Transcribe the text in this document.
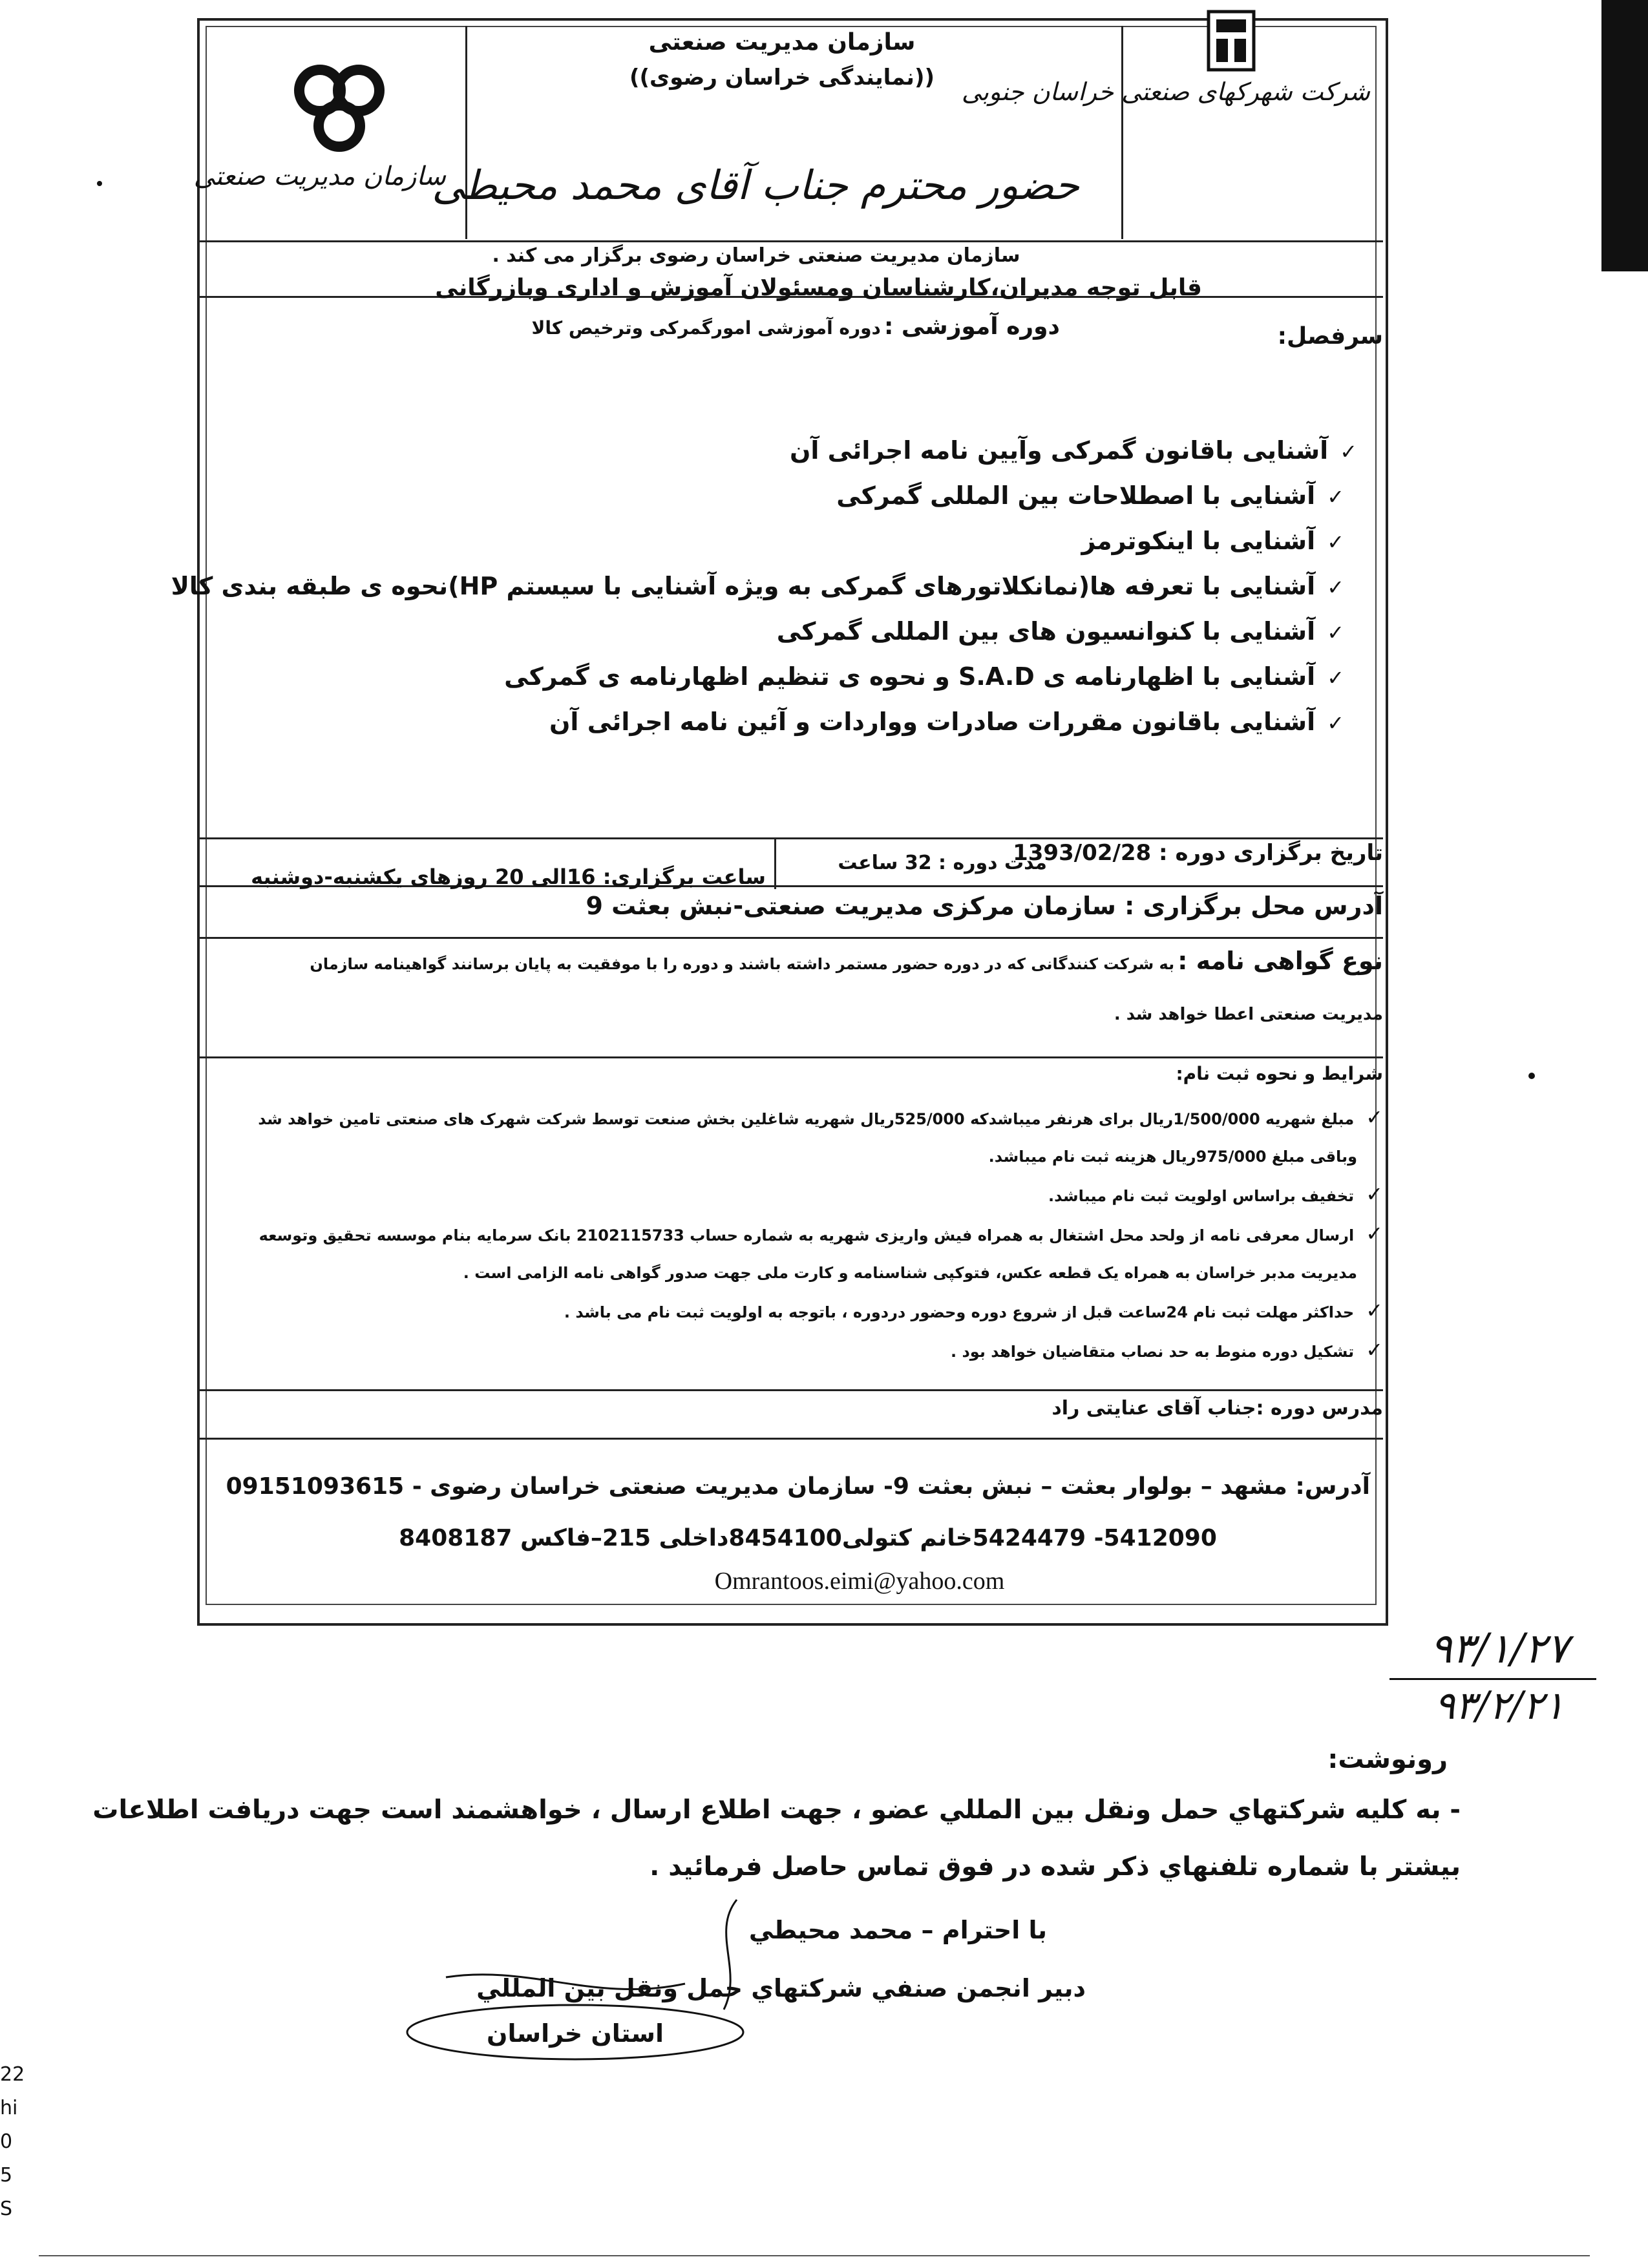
سازمان مدیریت صنعتی
سازمان مدیریت صنعتی
((نمایندگی خراسان رضوی))
حضور محترم جناب آقای محمد محیطی
شرکت شهرکهای صنعتی خراسان جنوبی
سازمان مدیریت صنعتی خراسان رضوی برگزار می کند .
قابل توجه مدیران،کارشناسان ومسئولان آموزش و اداری وبازرگانی
دوره آموزشی : دوره آموزشی امورگمرکی وترخیص کالا	سرفصل:
✓آشنایی باقانون گمرکی وآیین نامه اجرائی آن
✓آشنایی با اصطلاحات بین المللی گمرکی
✓آشنایی با اینکوترمز
✓آشنایی با تعرفه ها(نمانکلاتورهای گمرکی به ویژه آشنایی با سیستم HP)نحوه ی طبقه بندی کالا
✓آشنایی با کنوانسیون های بین المللی گمرکی
✓آشنایی با اظهارنامه ی S.A.D و نحوه ی تنظیم اظهارنامه ی گمرکی
✓آشنایی باقانون مقررات صادرات وواردات و آئین نامه اجرائی آن
تاریخ برگزاری دوره : 1393/02/28
مدت دوره : 32 ساعت
ساعت برگزاری: 16الی 20 روزهای یکشنبه-دوشنبه
آدرس محل برگزاری : سازمان مرکزی مدیریت صنعتی-نبش بعثت 9
نوع گواهی نامه : به شرکت کنندگانی که در دوره حضور مستمر داشته باشند و دوره را با موفقیت به پایان برسانند گواهینامه سازمان
مدیریت صنعتی اعطا خواهد شد .
شرایط و نحوه ثبت نام:
✓مبلغ شهریه 1/500/000ریال برای هرنفر میباشدکه 525/000ریال شهریه شاغلین بخش صنعت توسط شرکت شهرک های صنعتی تامین خواهد شد
وباقی مبلغ 975/000ریال هزینه ثبت نام میباشد.
✓تخفیف براساس اولویت ثبت نام میباشد.
✓ارسال معرفی نامه از ولحد محل اشتغال به همراه فیش واریزی شهریه به شماره حساب 2102115733 بانک سرمایه بنام موسسه تحقیق وتوسعه
مدیریت مدبر خراسان به همراه یک قطعه عکس، فتوکپی شناسنامه و کارت ملی جهت صدور گواهی نامه الزامی است .
✓حداکثر مهلت ثبت نام 24ساعت قبل از شروع دوره وحضور دردوره ، باتوجه به اولویت ثبت نام می باشد .
✓تشکیل دوره منوط به حد نصاب متقاضیان خواهد بود .
مدرس دوره :جناب آقای عنایتی راد
آدرس: مشهد – بولوار بعثت – نبش بعثت 9- سازمان مدیریت صنعتی خراسان رضوی - 09151093615
5412090- 5424479خانم کتولی8454100داخلی 215–فاکس 8408187
Omrantoos.eimi@yahoo.com
۹۳/۱/۲۷
۹۳/۲/۲۱
رونوشت:
- به کلیه شرکتهاي حمل ونقل بین المللي عضو ، جهت اطلاع ارسال ، خواهشمند است جهت دریافت اطلاعات
بیشتر با شماره تلفنهاي ذکر شده در فوق تماس حاصل فرمائید .
با احترام – محمد محیطي
دبیر انجمن صنفي شرکتهاي حمل ونقل بین المللي
استان خراسان
22
hi
0
5 S
